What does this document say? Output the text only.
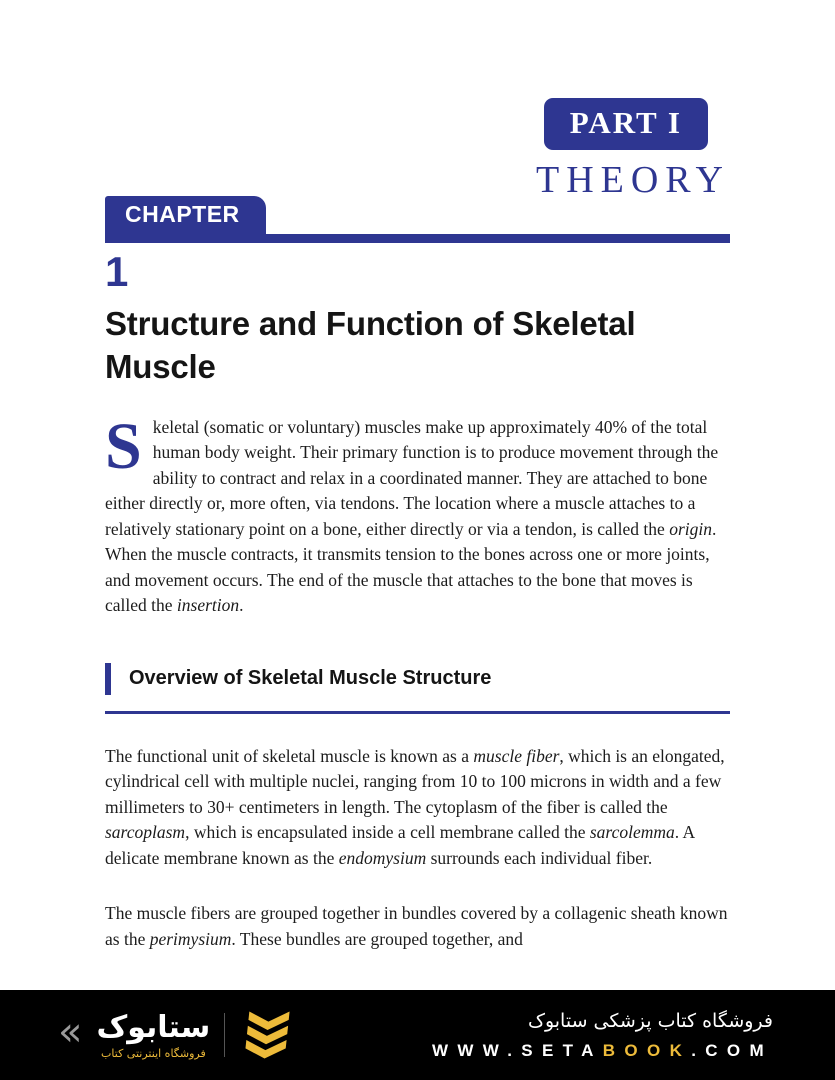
PART I
THEORY
CHAPTER
1
Structure and Function of Skeletal Muscle

Skeletal (somatic or voluntary) muscles make up approximately 40% of the total human body weight. Their primary function is to produce movement through the ability to contract and relax in a coordinated manner. They are attached to bone either directly or, more often, via tendons. The location where a muscle attaches to a relatively stationary point on a bone, either directly or via a tendon, is called the origin. When the muscle contracts, it transmits tension to the bones across one or more joints, and movement occurs. The end of the muscle that attaches to the bone that moves is called the insertion.

Overview of Skeletal Muscle Structure

The functional unit of skeletal muscle is known as a muscle fiber, which is an elongated, cylindrical cell with multiple nuclei, ranging from 10 to 100 microns in width and a few millimeters to 30+ centimeters in length. The cytoplasm of the fiber is called the sarcoplasm, which is encapsulated inside a cell membrane called the sarcolemma. A delicate membrane known as the endomysium surrounds each individual fiber.

The muscle fibers are grouped together in bundles covered by a collagenic sheath known as the perimysium. These bundles are grouped together, and

« ستابوک
فروشگاه اینترنتی کتاب
فروشگاه کتاب پزشکی ستابوک
WWW.SETABOOK.COM
